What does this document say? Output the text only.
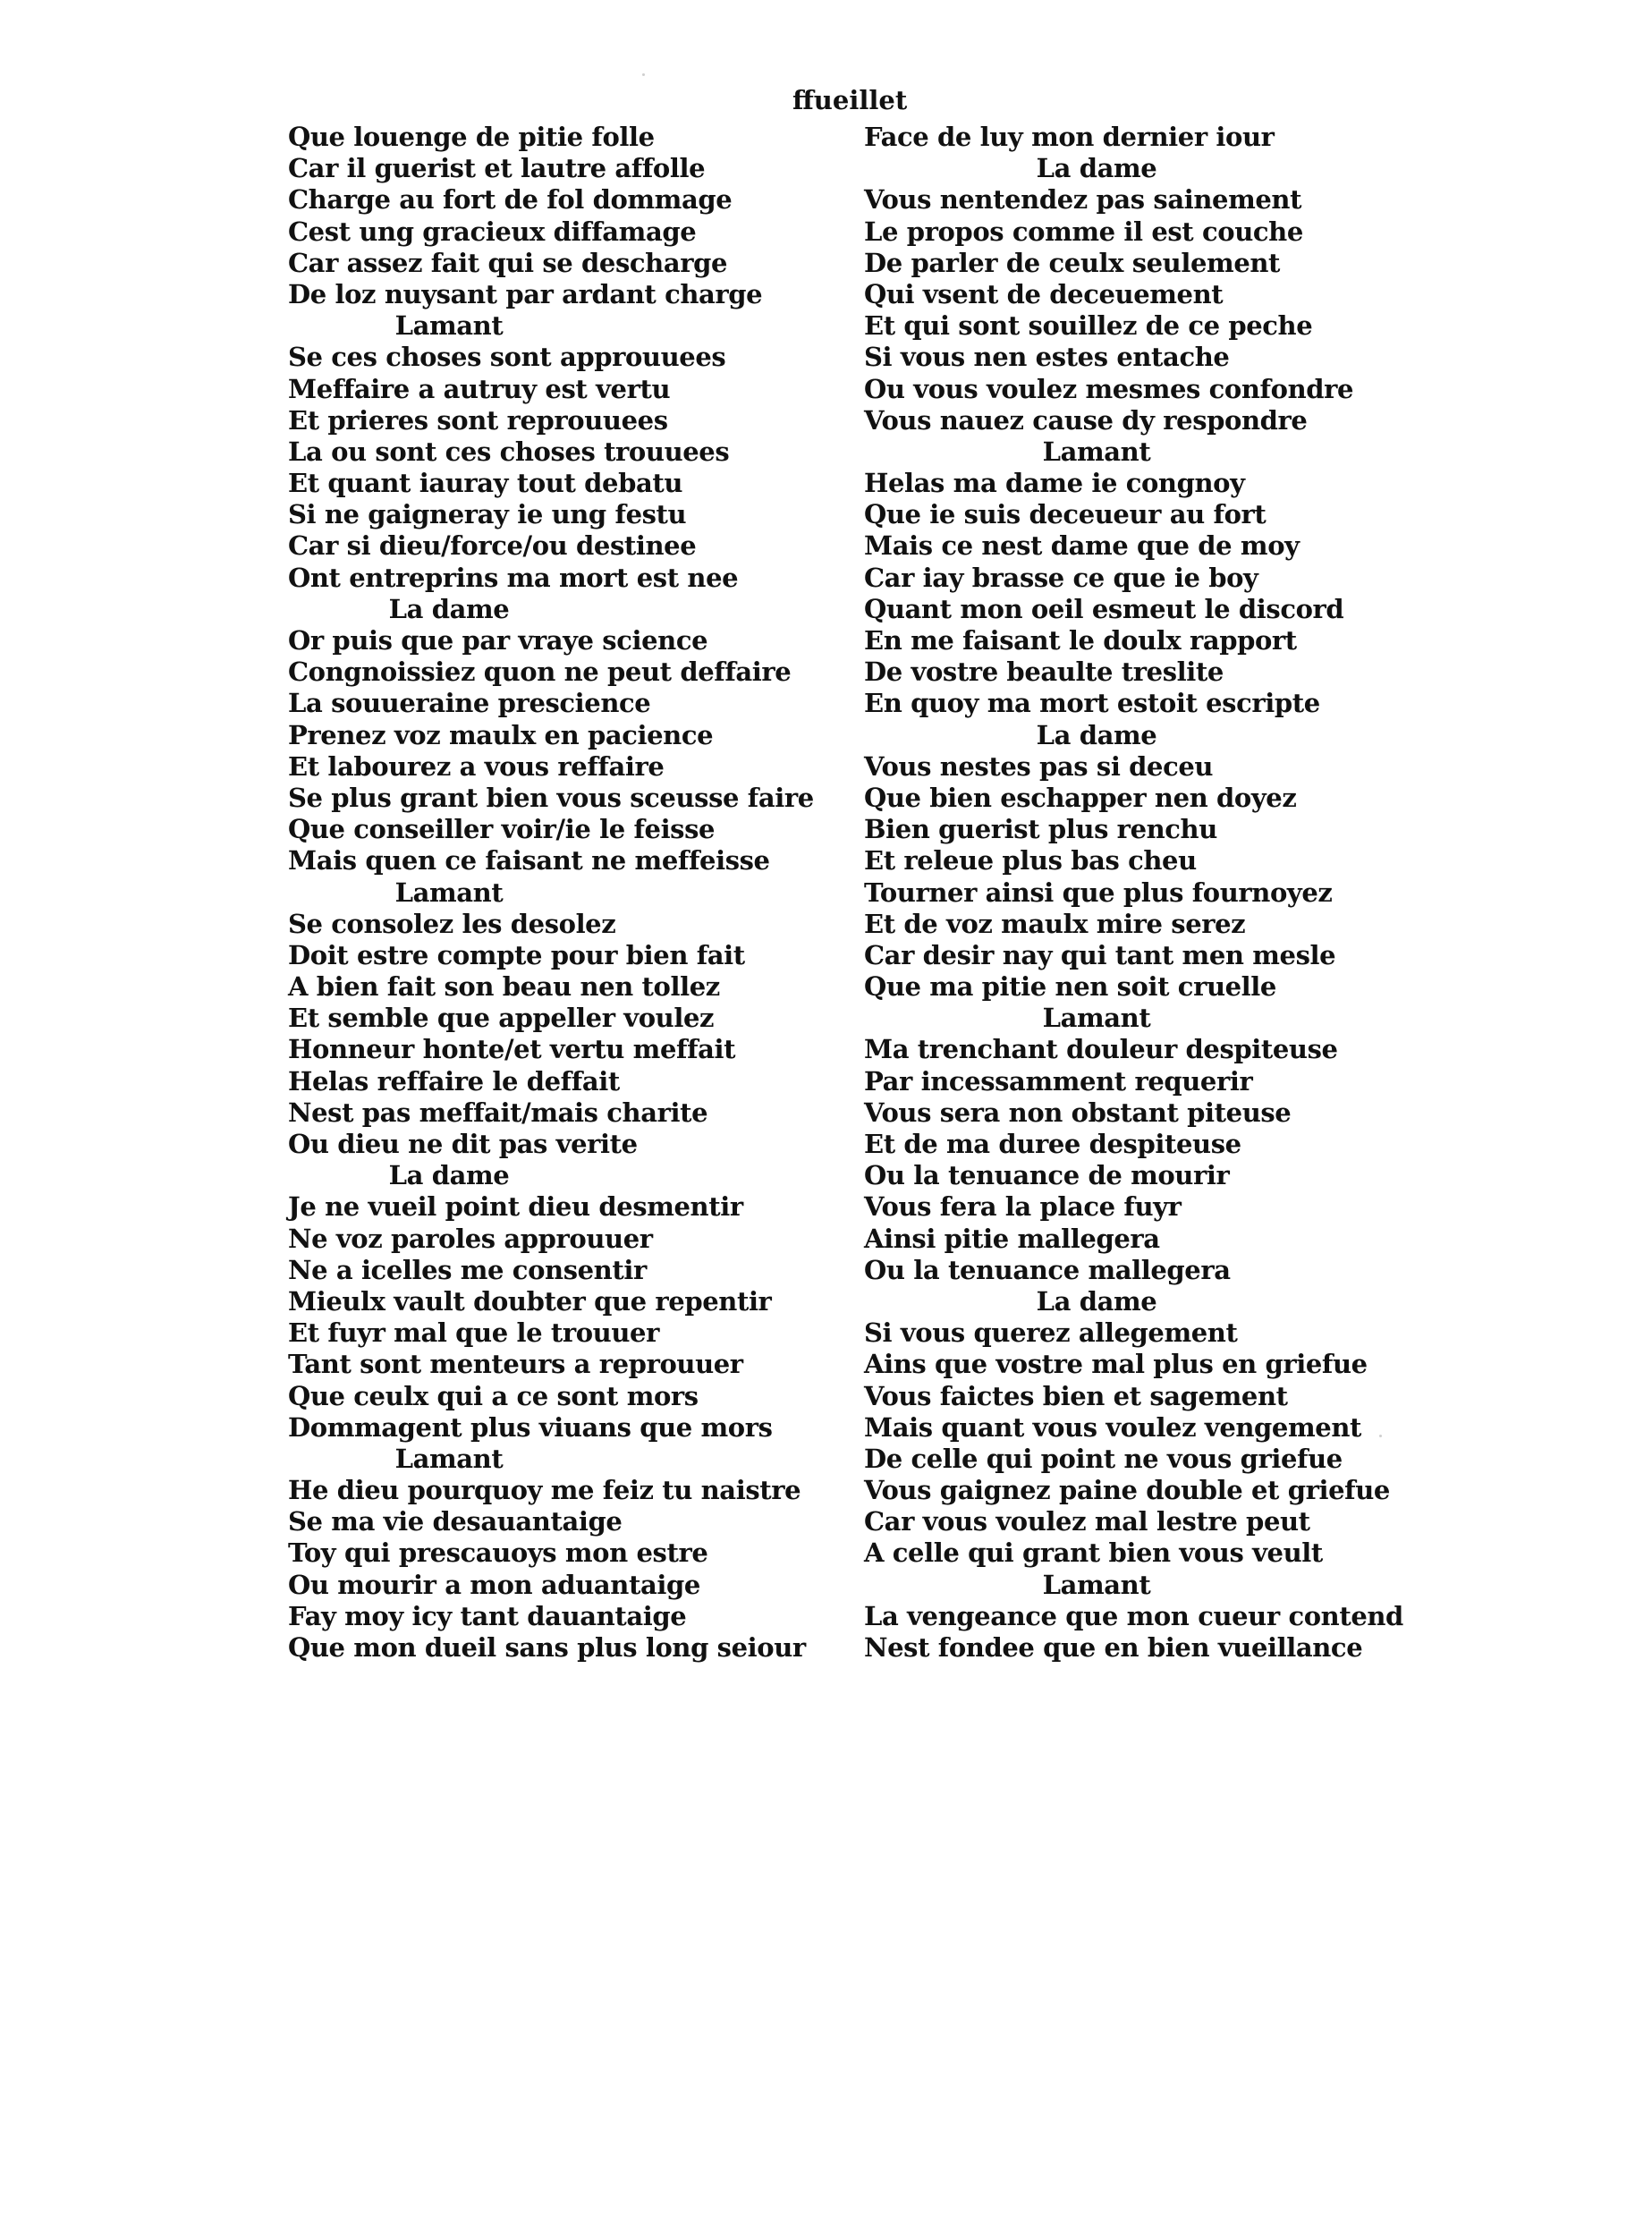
ffueillet
Que louenge de pitie folle
Car il guerist et lautre affolle
Charge au fort de fol dommage
Cest ung gracieux diffamage
Car assez fait qui se descharge
De loz nuysant par ardant charge
Lamant
Se ces choses sont approuuees
Meffaire a autruy est vertu
Et prieres sont reprouuees
La ou sont ces choses trouuees
Et quant iauray tout debatu
Si ne gaigneray ie ung festu
Car si dieu/force/ou destinee
Ont entreprins ma mort est nee
La dame
Or puis que par vraye science
Congnoissiez quon ne peut deffaire
La souueraine prescience
Prenez voz maulx en pacience
Et labourez a vous reffaire
Se plus grant bien vous sceusse faire
Que conseiller voir/ie le feisse
Mais quen ce faisant ne meffeisse
Lamant
Se consolez les desolez
Doit estre compte pour bien fait
A bien fait son beau nen tollez
Et semble que appeller voulez
Honneur honte/et vertu meffait
Helas reffaire le deffait
Nest pas meffait/mais charite
Ou dieu ne dit pas verite
La dame
Je ne vueil point dieu desmentir
Ne voz paroles approuuer
Ne a icelles me consentir
Mieulx vault doubter que repentir
Et fuyr mal que le trouuer
Tant sont menteurs a reprouuer
Que ceulx qui a ce sont mors
Dommagent plus viuans que mors
Lamant
He dieu pourquoy me feiz tu naistre
Se ma vie desauantaige
Toy qui prescauoys mon estre
Ou mourir a mon aduantaige
Fay moy icy tant dauantaige
Que mon dueil sans plus long seiour
Face de luy mon dernier iour
La dame
Vous nentendez pas sainement
Le propos comme il est couche
De parler de ceulx seulement
Qui vsent de deceuement
Et qui sont souillez de ce peche
Si vous nen estes entache
Ou vous voulez mesmes confondre
Vous nauez cause dy respondre
Lamant
Helas ma dame ie congnoy
Que ie suis deceueur au fort
Mais ce nest dame que de moy
Car iay brasse ce que ie boy
Quant mon oeil esmeut le discord
En me faisant le doulx rapport
De vostre beaulte treslite
En quoy ma mort estoit escripte
La dame
Vous nestes pas si deceu
Que bien eschapper nen doyez
Bien guerist plus renchu
Et releue plus bas cheu
Tourner ainsi que plus fournoyez
Et de voz maulx mire serez
Car desir nay qui tant men mesle
Que ma pitie nen soit cruelle
Lamant
Ma trenchant douleur despiteuse
Par incessamment requerir
Vous sera non obstant piteuse
Et de ma duree despiteuse
Ou la tenuance de mourir
Vous fera la place fuyr
Ainsi pitie mallegera
Ou la tenuance mallegera
La dame
Si vous querez allegement
Ains que vostre mal plus en griefue
Vous faictes bien et sagement
Mais quant vous voulez vengement
De celle qui point ne vous griefue
Vous gaignez paine double et griefue
Car vous voulez mal lestre peut
A celle qui grant bien vous veult
Lamant
La vengeance que mon cueur contend
Nest fondee que en bien vueillance
